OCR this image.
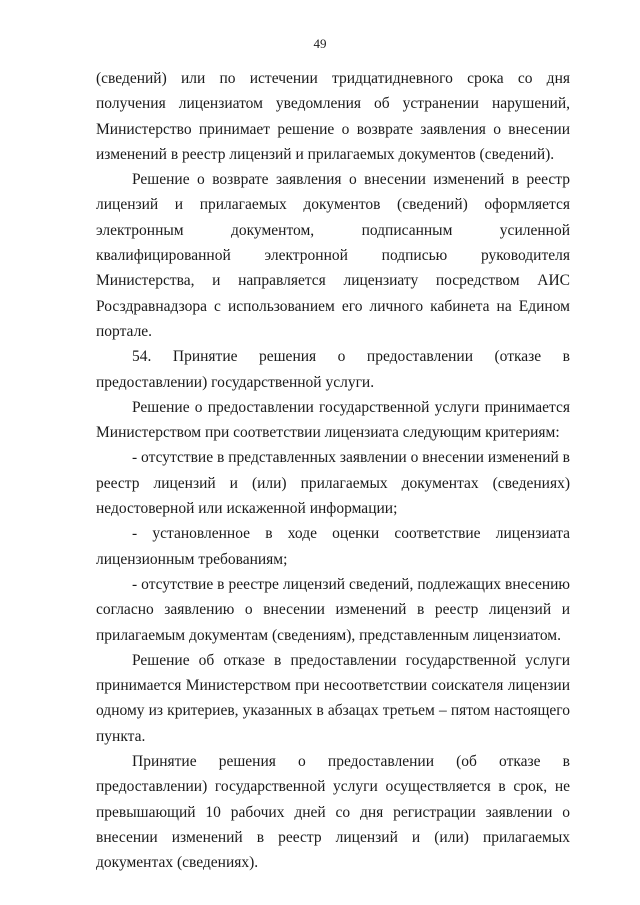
49

(сведений) или по истечении тридцатидневного срока со дня получения лицензиатом уведомления об устранении нарушений, Министерство принимает решение о возврате заявления о внесении изменений в реестр лицензий и прилагаемых документов (сведений).

Решение о возврате заявления о внесении изменений в реестр лицензий и прилагаемых документов (сведений) оформляется электронным документом, подписанным усиленной квалифицированной электронной подписью руководителя Министерства, и направляется лицензиату посредством АИС Росздравнадзора с использованием его личного кабинета на Едином портале.

54. Принятие решения о предоставлении (отказе в предоставлении) государственной услуги.

Решение о предоставлении государственной услуги принимается Министерством при соответствии лицензиата следующим критериям:

- отсутствие в представленных заявлении о внесении изменений в реестр лицензий и (или) прилагаемых документах (сведениях) недостоверной или искаженной информации;

- установленное в ходе оценки соответствие лицензиата лицензионным требованиям;

- отсутствие в реестре лицензий сведений, подлежащих внесению согласно заявлению о внесении изменений в реестр лицензий и прилагаемым документам (сведениям), представленным лицензиатом.

Решение об отказе в предоставлении государственной услуги принимается Министерством при несоответствии соискателя лицензии одному из критериев, указанных в абзацах третьем – пятом настоящего пункта.

Принятие решения о предоставлении (об отказе в предоставлении) государственной услуги осуществляется в срок, не превышающий 10 рабочих дней со дня регистрации заявлении о внесении изменений в реестр лицензий и (или) прилагаемых документах (сведениях).
